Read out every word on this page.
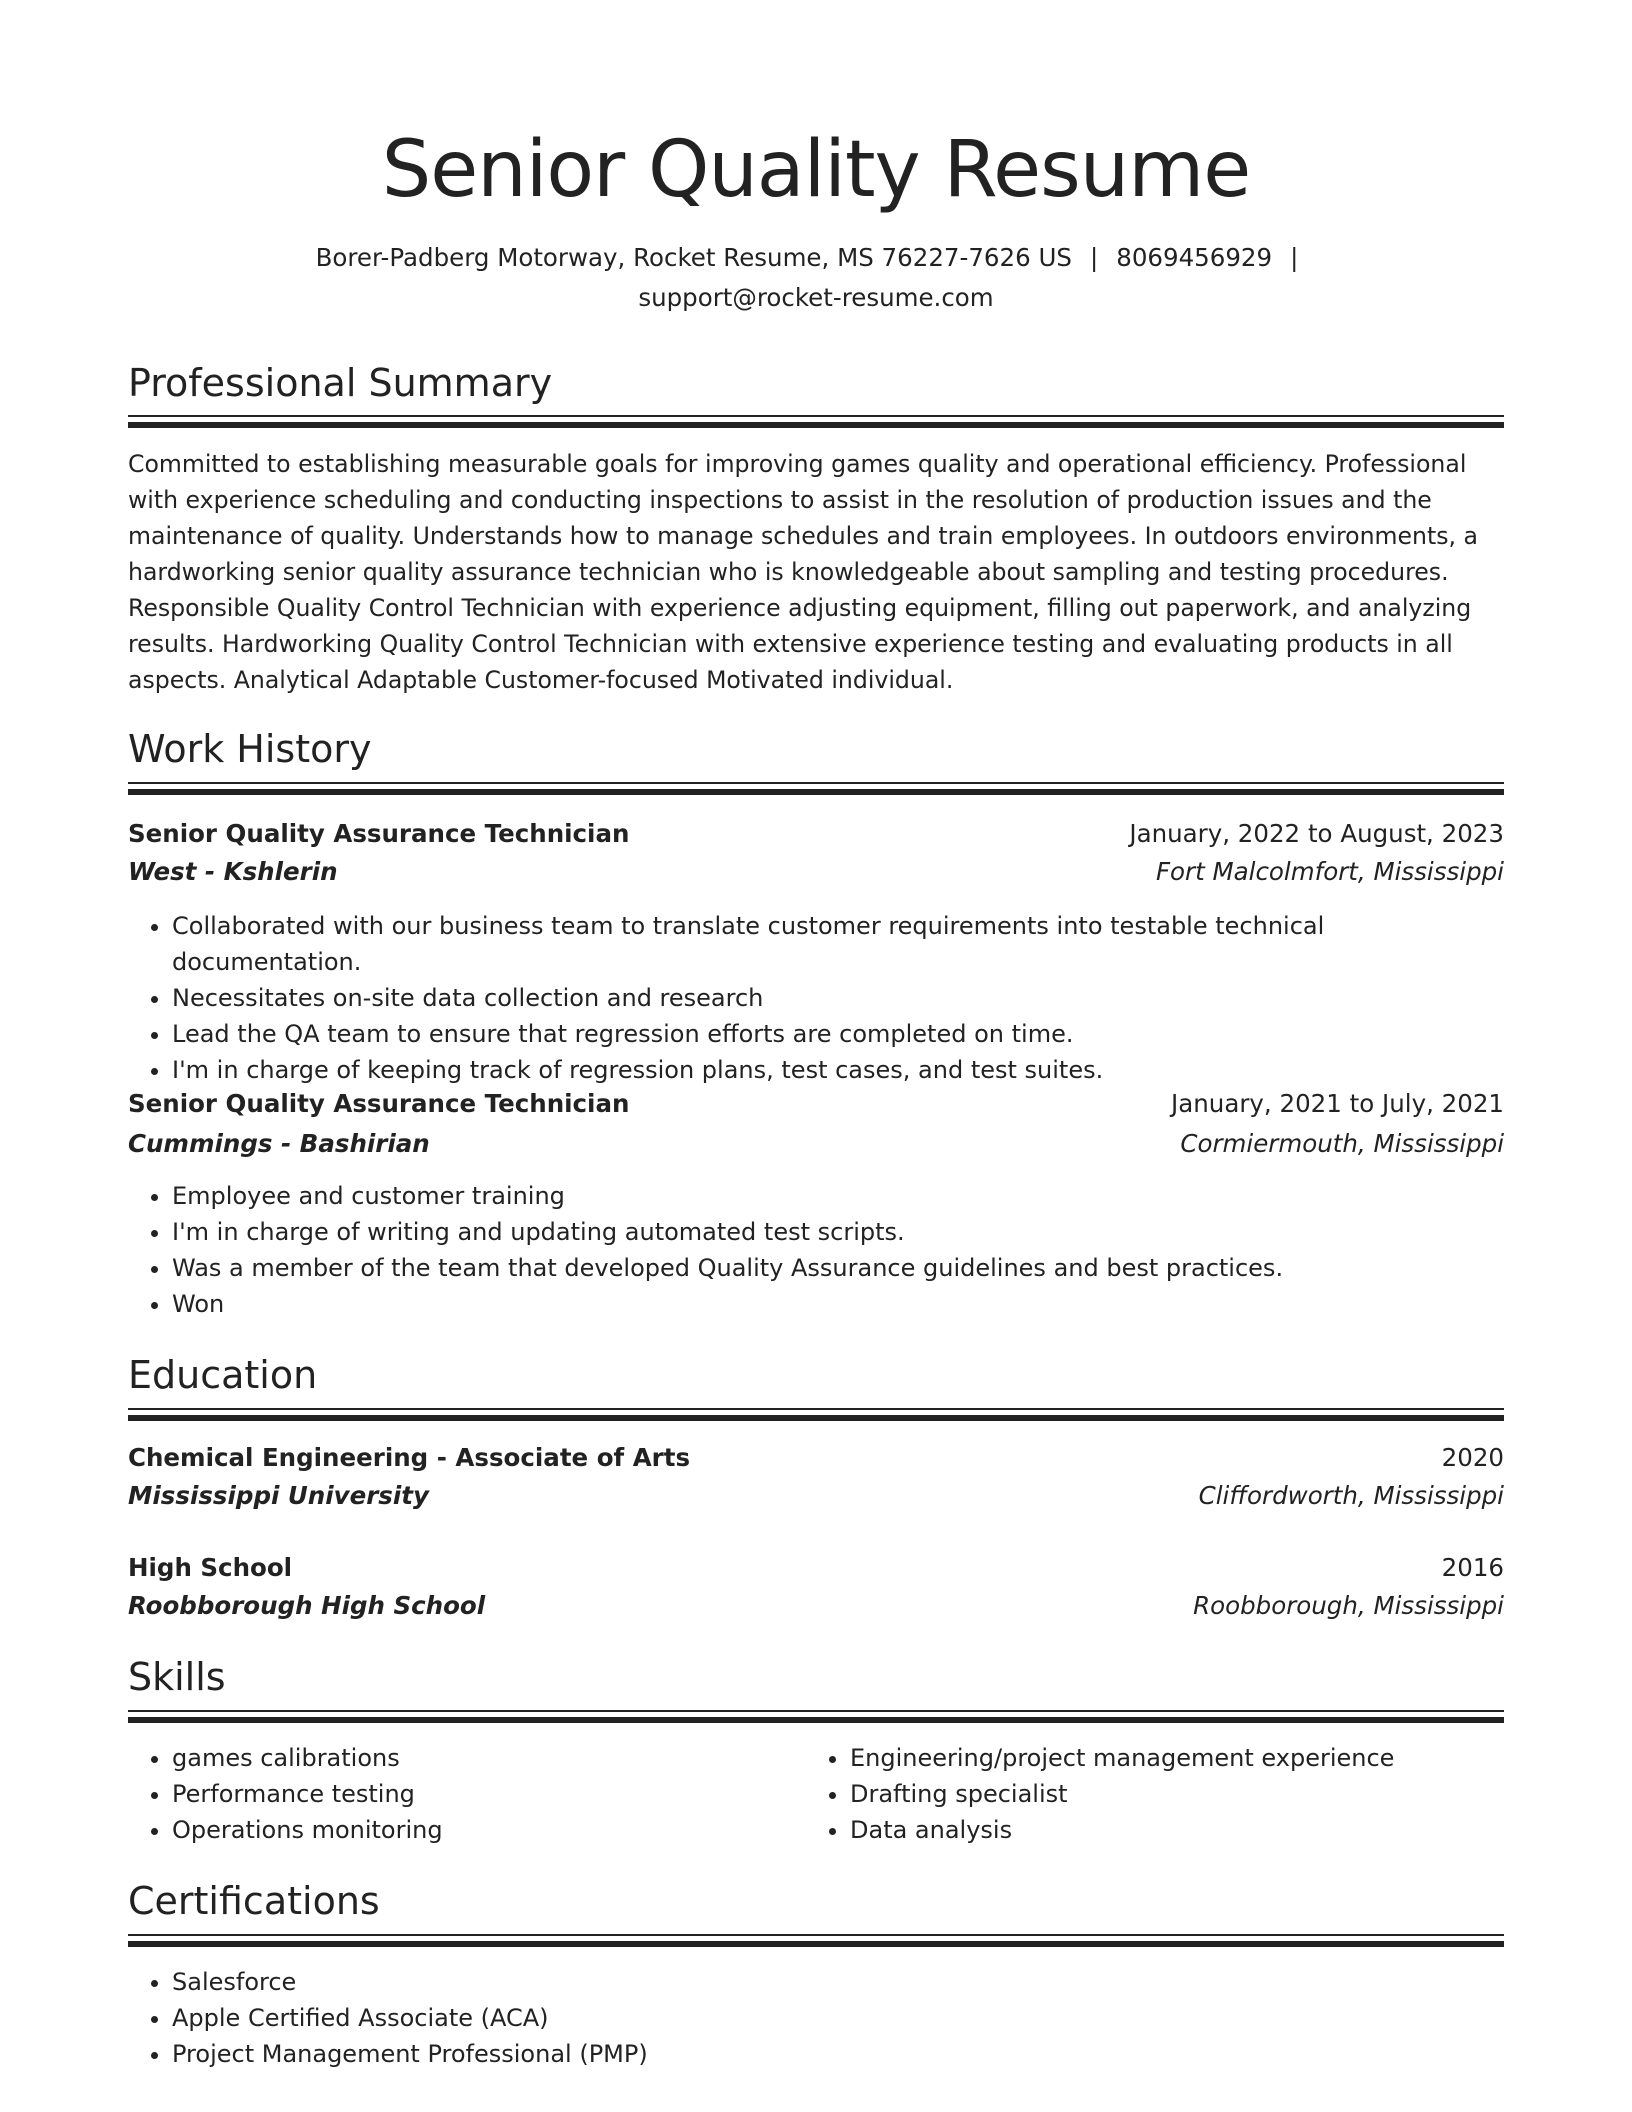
Senior Quality Resume
Borer-Padberg Motorway, Rocket Resume, MS 76227-7626 US | 8069456929 |
support@rocket-resume.com
Professional Summary

Committed to establishing measurable goals for improving games quality and operational efficiency. Professional with experience scheduling and conducting inspections to assist in the resolution of production issues and the maintenance of quality. Understands how to manage schedules and train employees. In outdoors environments, a hardworking senior quality assurance technician who is knowledgeable about sampling and testing procedures. Responsible Quality Control Technician with experience adjusting equipment, filling out paperwork, and analyzing results. Hardworking Quality Control Technician with extensive experience testing and evaluating products in all aspects. Analytical Adaptable Customer-focused Motivated individual.

Work History
Senior Quality Assurance Technician	January, 2022 to August, 2023
West - Kshlerin	Fort Malcolmfort, Mississippi
• Collaborated with our business team to translate customer requirements into testable technical documentation.
• Necessitates on-site data collection and research
• Lead the QA team to ensure that regression efforts are completed on time.
• I'm in charge of keeping track of regression plans, test cases, and test suites.
Senior Quality Assurance Technician	January, 2021 to July, 2021
Cummings - Bashirian	Cormiermouth, Mississippi
• Employee and customer training
• I'm in charge of writing and updating automated test scripts.
• Was a member of the team that developed Quality Assurance guidelines and best practices.
• Won
Education
Chemical Engineering - Associate of Arts	2020
Mississippi University	Cliffordworth, Mississippi
High School	2016
Roobborough High School	Roobborough, Mississippi
Skills
• games calibrations
• Performance testing
• Operations monitoring
• Engineering/project management experience
• Drafting specialist
• Data analysis
Certifications
• Salesforce
• Apple Certified Associate (ACA)
• Project Management Professional (PMP)
